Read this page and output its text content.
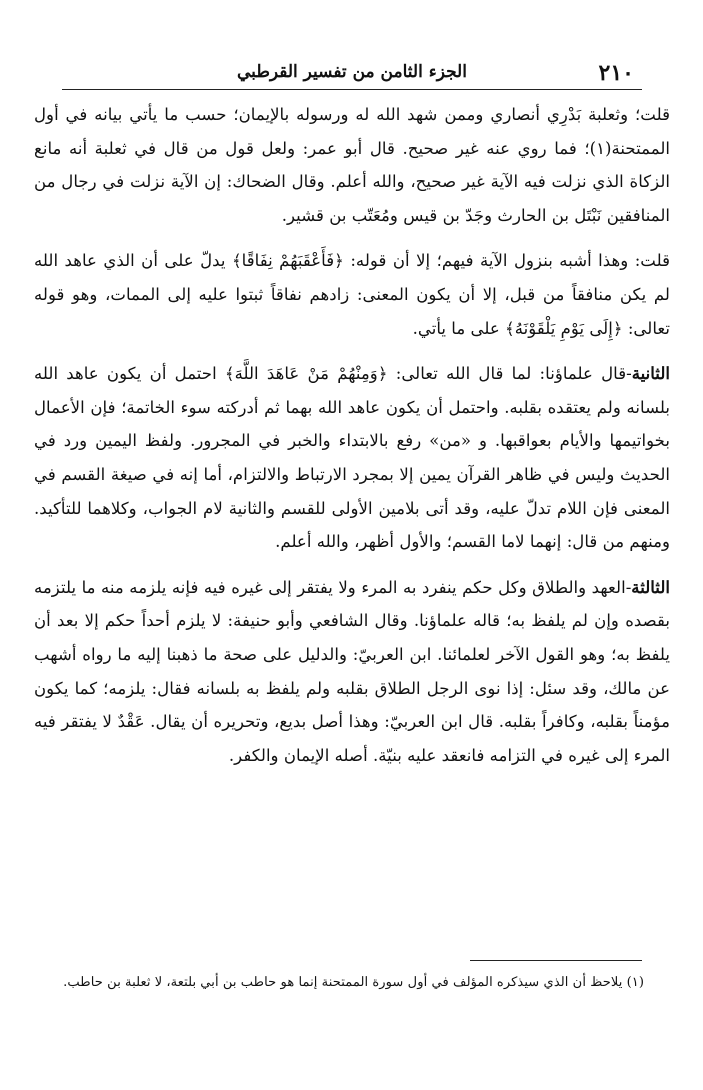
٢١٠
الجزء الثامن من تفسير القرطبي

قلت؛ وثعلبة بَدْرِي أنصاري وممن شهد الله له ورسوله بالإيمان؛ حسب ما يأتي بيانه في أول الممتحنة(١)؛ فما روي عنه غير صحيح. قال أبو عمر: ولعل قول من قال في ثعلبة أنه مانع الزكاة الذي نزلت فيه الآية غير صحيح، والله أعلم. وقال الضحاك: إن الآية نزلت في رجال من المنافقين نَبْتَل بن الحارث وجَدّ بن قيس ومُعَتّب بن قشير.

قلت: وهذا أشبه بنزول الآية فيهم؛ إلا أن قوله: ﴿فَأَعْقَبَهُمْ نِفَاقًا﴾ يدلّ على أن الذي عاهد الله لم يكن منافقاً من قبل، إلا أن يكون المعنى: زادهم نفاقاً ثبتوا عليه إلى الممات، وهو قوله تعالى: ﴿إِلَى يَوْمِ يَلْقَوْنَهُ﴾ على ما يأتي.

الثانية-قال علماؤنا: لما قال الله تعالى: ﴿وَمِنْهُمْ مَنْ عَاهَدَ اللَّهَ﴾ احتمل أن يكون عاهد الله بلسانه ولم يعتقده بقلبه. واحتمل أن يكون عاهد الله بهما ثم أدركته سوء الخاتمة؛ فإن الأعمال بخواتيمها والأيام بعواقبها. و «من» رفع بالابتداء والخبر في المجرور. ولفظ اليمين ورد في الحديث وليس في ظاهر القرآن يمين إلا بمجرد الارتباط والالتزام، أما إنه في صيغة القسم في المعنى فإن اللام تدلّ عليه، وقد أتى بلامين الأولى للقسم والثانية لام الجواب، وكلاهما للتأكيد. ومنهم من قال: إنهما لاما القسم؛ والأول أظهر، والله أعلم.

الثالثة-العهد والطلاق وكل حكم ينفرد به المرء ولا يفتقر إلى غيره فيه فإنه يلزمه منه ما يلتزمه بقصده وإن لم يلفظ به؛ قاله علماؤنا. وقال الشافعي وأبو حنيفة: لا يلزم أحداً حكم إلا بعد أن يلفظ به؛ وهو القول الآخر لعلمائنا. ابن العربيّ: والدليل على صحة ما ذهبنا إليه ما رواه أشهب عن مالك، وقد سئل: إذا نوى الرجل الطلاق بقلبه ولم يلفظ به بلسانه فقال: يلزمه؛ كما يكون مؤمناً بقلبه، وكافراً بقلبه. قال ابن العربيّ: وهذا أصل بديع، وتحريره أن يقال. عَقْدٌ لا يفتقر فيه المرء إلى غيره في التزامه فانعقد عليه بنيّة. أصله الإيمان والكفر.

(١) يلاحظ أن الذي سيذكره المؤلف في أول سورة الممتحنة إنما هو حاطب بن أبي بلتعة، لا ثعلبة بن حاطب.
